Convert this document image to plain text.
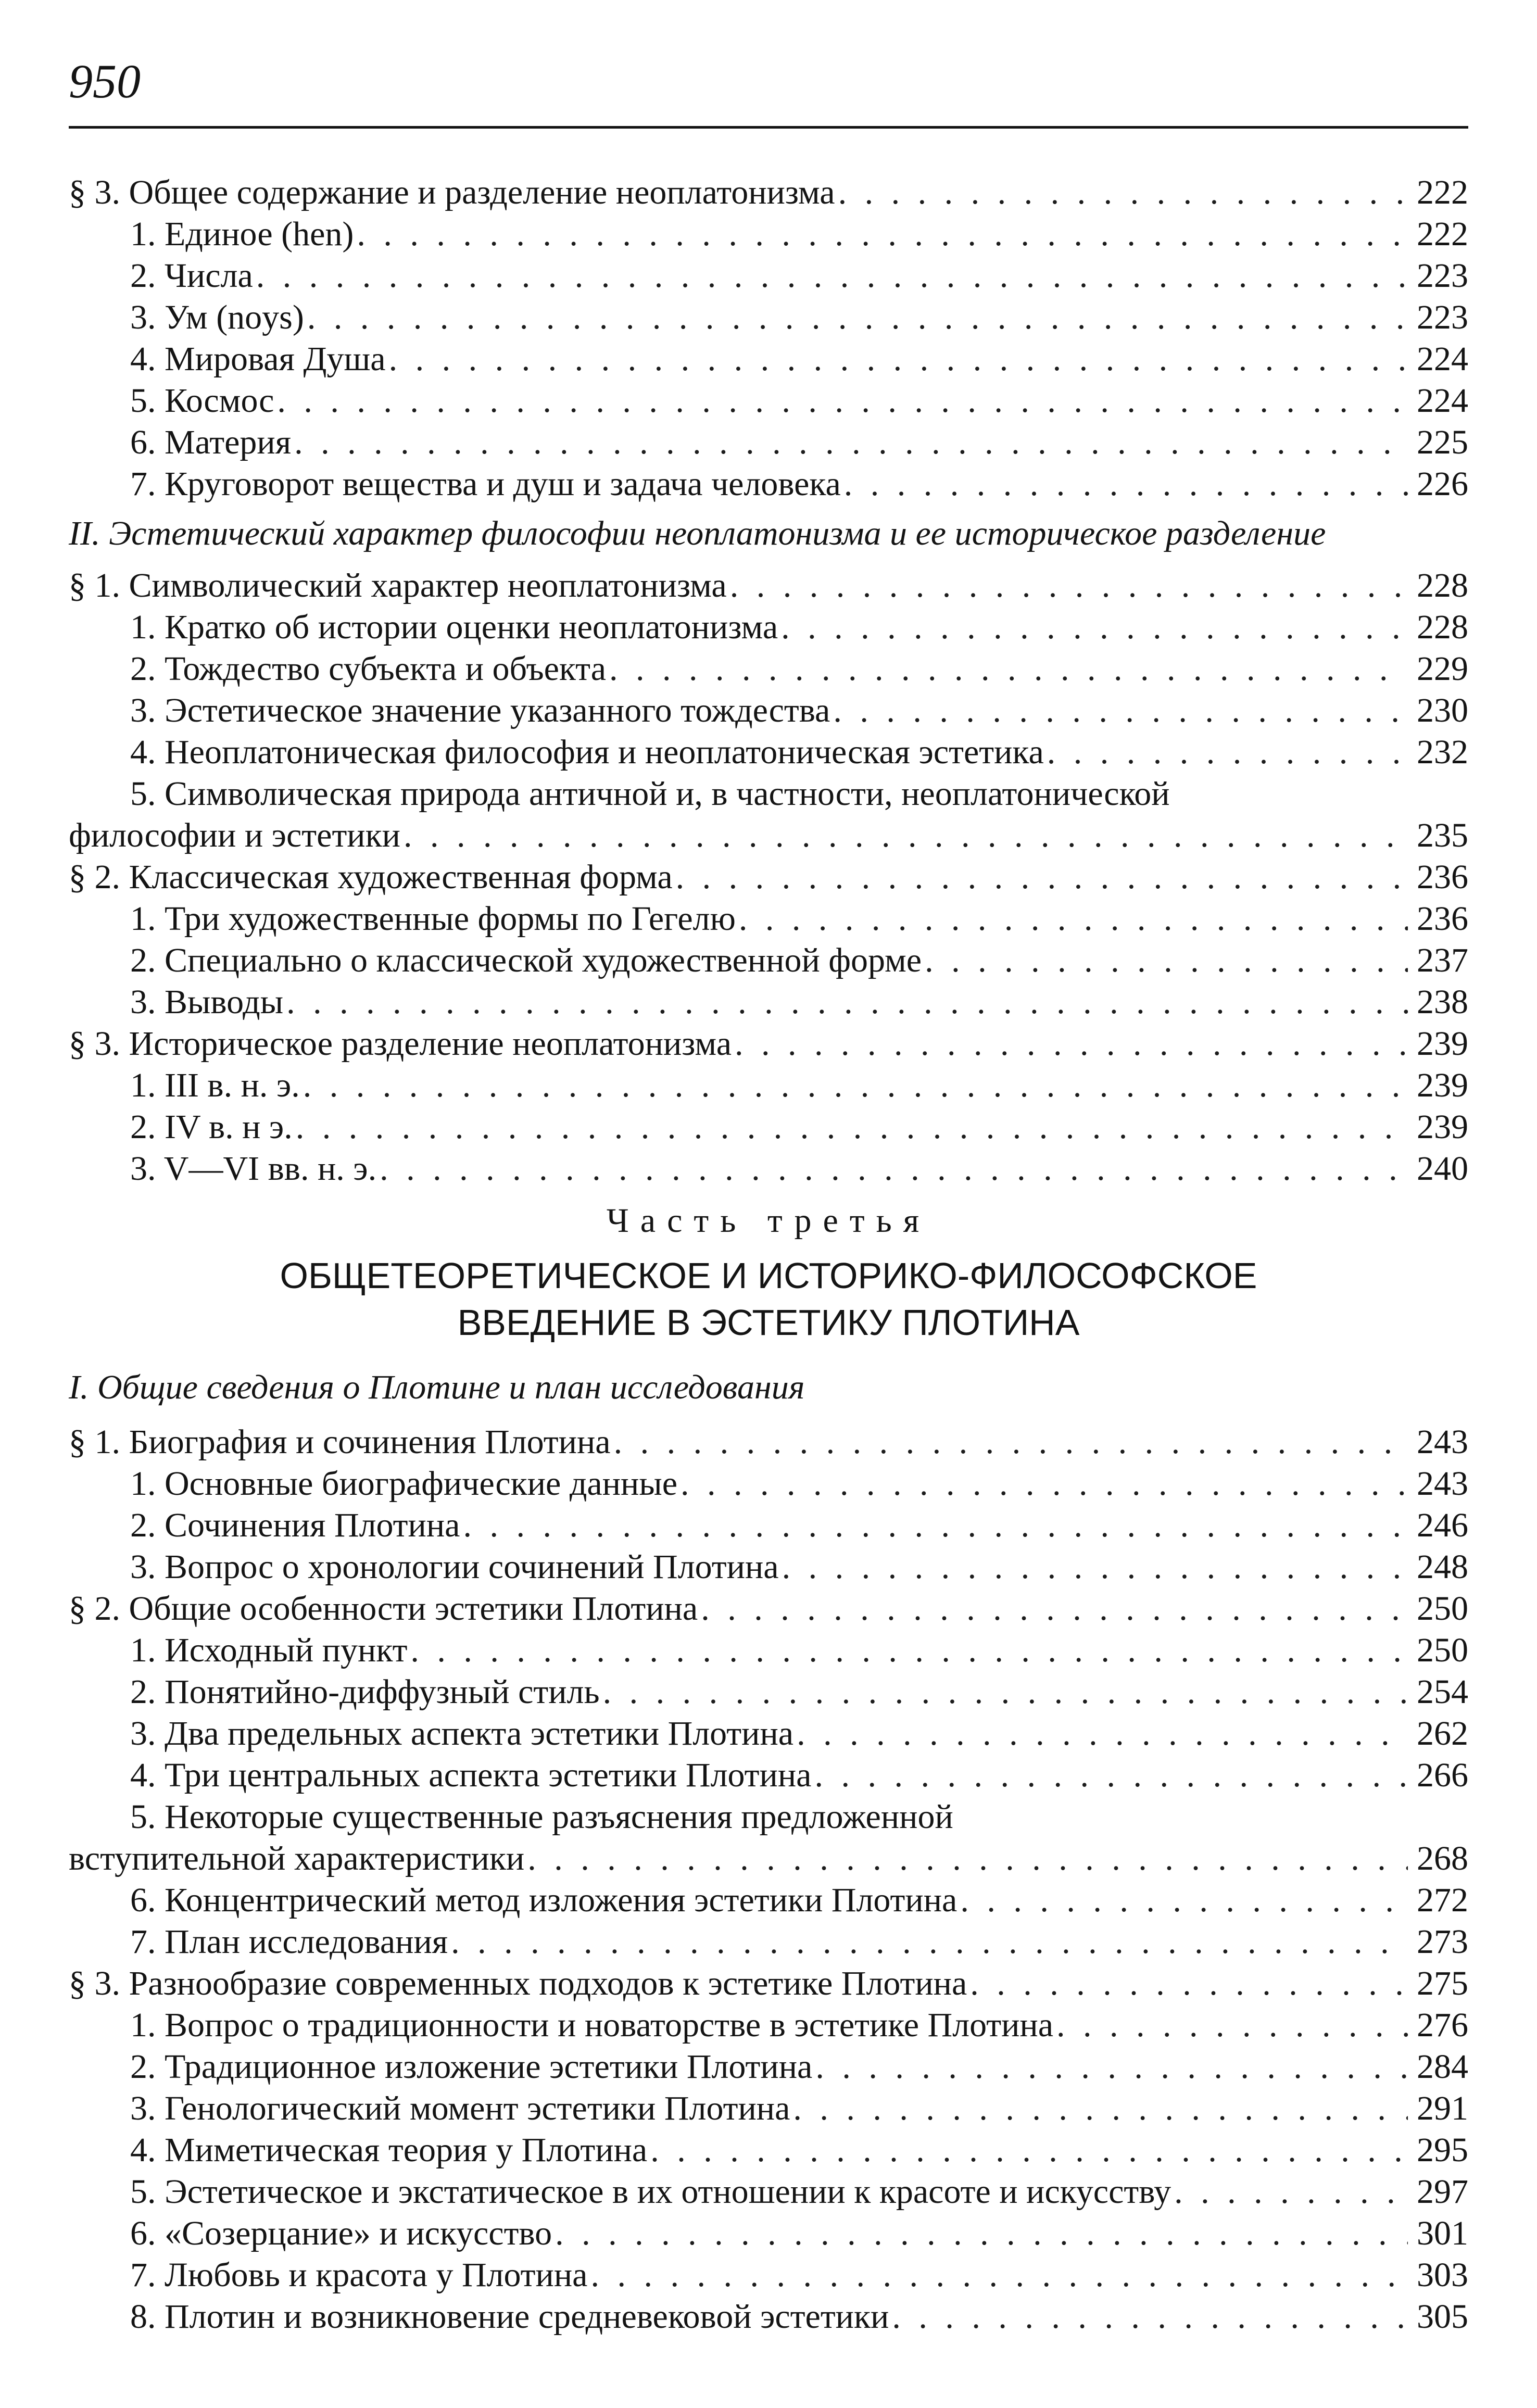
950
§ 3. Общее содержание и разделение неоплатонизма . . .	222
1. Единое (hen) . . .	222
2. Числа . . .	223
3. Ум (noys) . . .	223
4. Мировая Душа . . .	224
5. Космос . . .	224
6. Материя . . .	225
7. Круговорот вещества и душ и задача человека . . .	226
II. Эстетический характер философии неоплатонизма и ее историческое разделение
§ 1. Символический характер неоплатонизма . . .	228
1. Кратко об истории оценки неоплатонизма . . .	228
2. Тождество субъекта и объекта . . .	229
3. Эстетическое значение указанного тождества . . .	230
4. Неоплатоническая философия и неоплатоническая эстетика . . .	232
5. Символическая природа античной и, в частности, неоплатонической
философии и эстетики . . .	235
§ 2. Классическая художественная форма . . .	236
1. Три художественные формы по Гегелю . . .	236
2. Специально о классической художественной форме . . .	237
3. Выводы . . .	238
§ 3. Историческое разделение неоплатонизма . . .	239
1. III в. н. э. . . .	239
2. IV в. н э. . . .	239
3. V—VI вв. н. э. . . .	240
Часть третья
ОБЩЕТЕОРЕТИЧЕСКОЕ И ИСТОРИКО-ФИЛОСОФСКОЕ
ВВЕДЕНИЕ В ЭСТЕТИКУ ПЛОТИНА
I. Общие сведения о Плотине и план исследования
§ 1. Биография и сочинения Плотина . . .	243
1. Основные биографические данные . . .	243
2. Сочинения Плотина . . .	246
3. Вопрос о хронологии сочинений Плотина . . .	248
§ 2. Общие особенности эстетики Плотина . . .	250
1. Исходный пункт . . .	250
2. Понятийно-диффузный стиль . . .	254
3. Два предельных аспекта эстетики Плотина . . .	262
4. Три центральных аспекта эстетики Плотина . . .	266
5. Некоторые существенные разъяснения предложенной
вступительной характеристики . . .	268
6. Концентрический метод изложения эстетики Плотина . . .	272
7. План исследования . . .	273
§ 3. Разнообразие современных подходов к эстетике Плотина . . .	275
1. Вопрос о традиционности и новаторстве в эстетике Плотина . . .	276
2. Традиционное изложение эстетики Плотина . . .	284
3. Генологический момент эстетики Плотина . . .	291
4. Миметическая теория у Плотина . . .	295
5. Эстетическое и экстатическое в их отношении к красоте и искусству . . .	297
6. «Созерцание» и искусство . . .	301
7. Любовь и красота у Плотина . . .	303
8. Плотин и возникновение средневековой эстетики . . .	305
